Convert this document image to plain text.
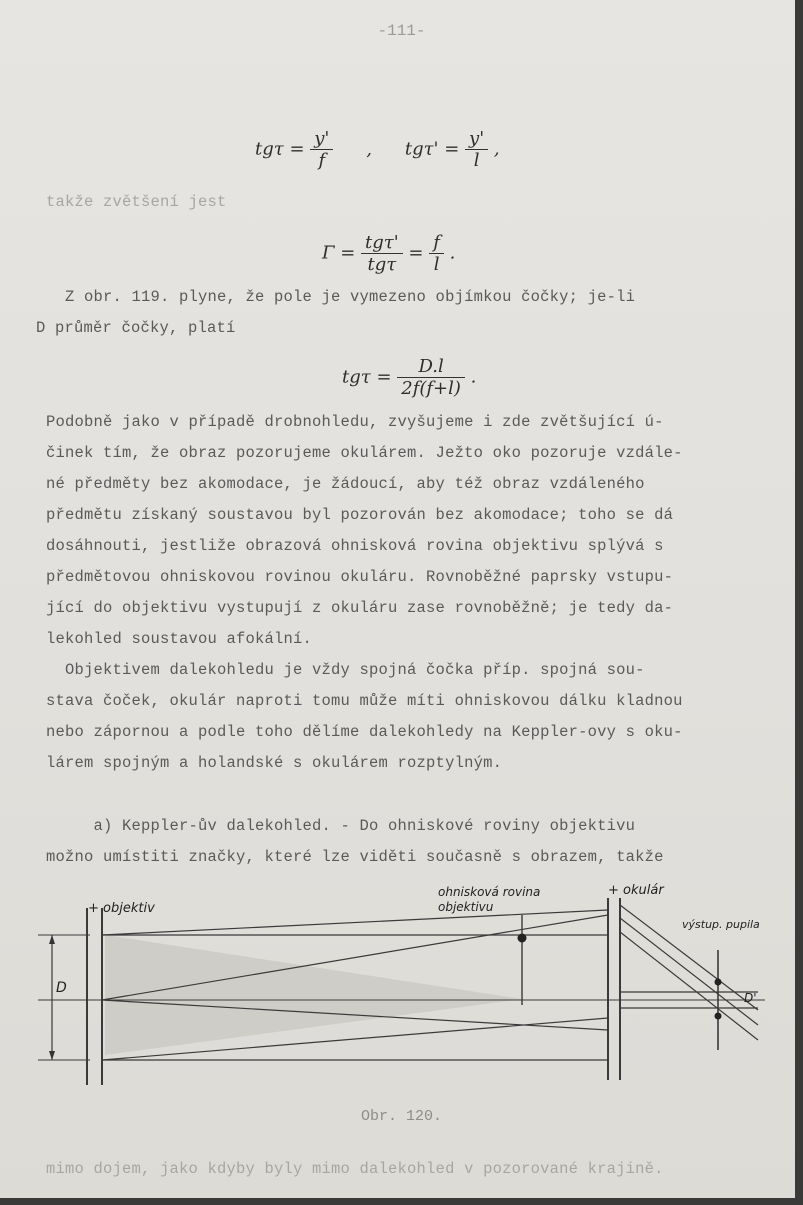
-111-
$tg\tau = \frac{y'}{f}$ , $tg\tau' = \frac{y'}{l}$ ,
takže zvětšení jest
$\Gamma = \frac{\text{tgτ'}}{\text{tgτ}} = \frac{f}{l}$ .
Z obr. 119. plyne, že pole je vymezeno objímkou čočky; je-li
D průměr čočky, platí
$tg\tau = \frac{D.l}{2f(f+l)}$ .
Podobně jako v případě drobnohledu, zvyšujeme i zde zvětšující ú-
činek tím, že obraz pozorujeme okulárem. Ježto oko pozoruje vzdále-
né předměty bez akomodace, je žádoucí, aby též obraz vzdáleného
předmětu získaný soustavou byl pozorován bez akomodace; toho se dá
dosáhnouti, jestliže obrazová ohnisková rovina objektivu splývá s
předmětovou ohniskovou rovinou okuláru. Rovnoběžné paprsky vstupu-
jící do objektivu vystupují z okuláru zase rovnoběžně; je tedy da-
lekohled soustavou afokální.
Objektivem dalekohledu je vždy spojná čočka příp. spojná sou-
stava čoček, okulár naproti tomu může míti ohniskovou dálku kladnou
nebo zápornou a podle toho dělíme dalekohledy na Keppler-ovy s oku-
lárem spojným a holandské s okulárem rozptylným.
a) Keppler-ův dalekohled. - Do ohniskové roviny objektivu
možno umístiti značky, které lze viděti současně s obrazem, takže
+ objektiv
ohnisková rovina
objektivu
+ okulár
výstup. pupila
D
D'
Obr. 120.
mimo dojem, jako kdyby byly mimo dalekohled v pozorované krajině.
